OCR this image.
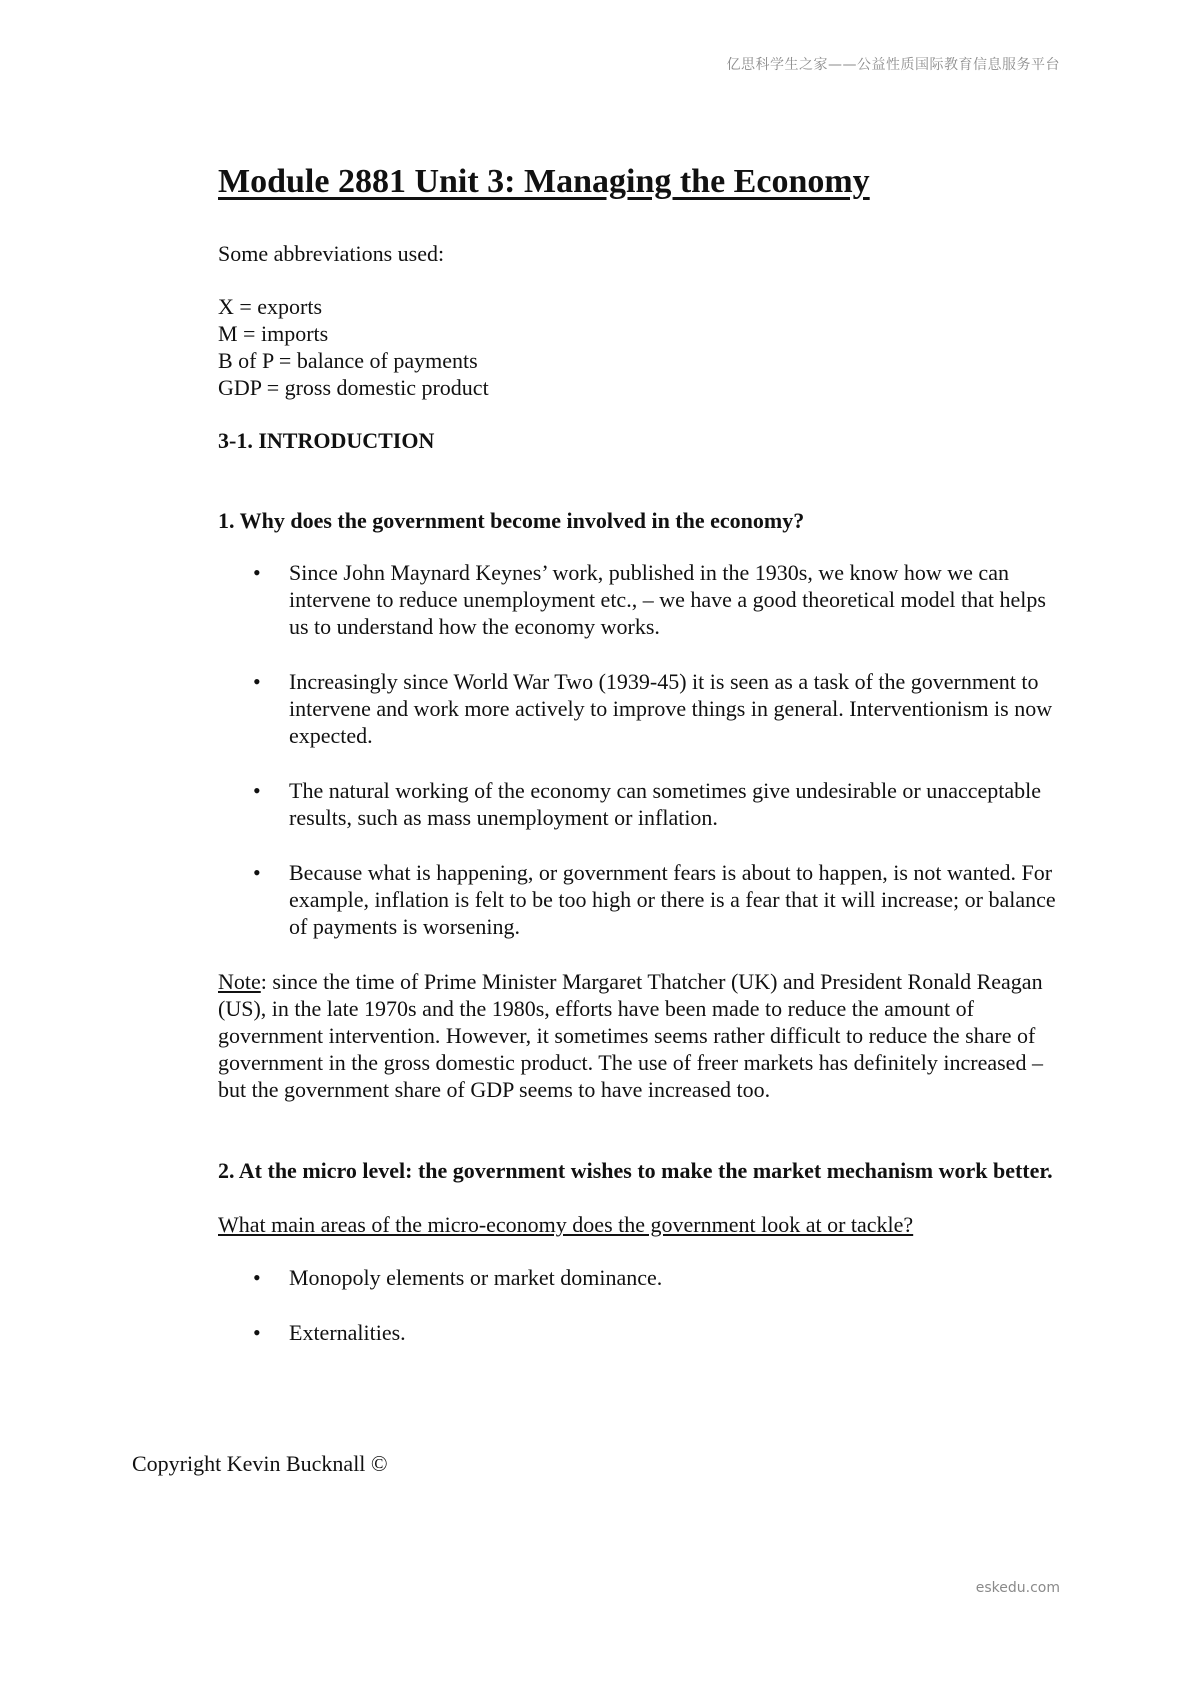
亿思科学生之家——公益性质国际教育信息服务平台
Module 2881 Unit 3: Managing the Economy
Some abbreviations used:
X = exports
M = imports
B of P = balance of payments
GDP = gross domestic product
3-1. INTRODUCTION
1. Why does the government become involved in the economy?
• Since John Maynard Keynes’ work, published in the 1930s, we know how we can intervene to reduce unemployment etc., – we have a good theoretical model that helps us to understand how the economy works.
• Increasingly since World War Two (1939-45) it is seen as a task of the government to intervene and work more actively to improve things in general. Interventionism is now expected.
• The natural working of the economy can sometimes give undesirable or unacceptable results, such as mass unemployment or inflation.
• Because what is happening, or government fears is about to happen, is not wanted. For example, inflation is felt to be too high or there is a fear that it will increase; or balance of payments is worsening.
Note: since the time of Prime Minister Margaret Thatcher (UK) and President Ronald Reagan (US), in the late 1970s and the 1980s, efforts have been made to reduce the amount of government intervention. However, it sometimes seems rather difficult to reduce the share of government in the gross domestic product. The use of freer markets has definitely increased – but the government share of GDP seems to have increased too.
2. At the micro level: the government wishes to make the market mechanism work better.
What main areas of the micro-economy does the government look at or tackle?
• Monopoly elements or market dominance.
• Externalities.
Copyright Kevin Bucknall ©
eskedu.com
